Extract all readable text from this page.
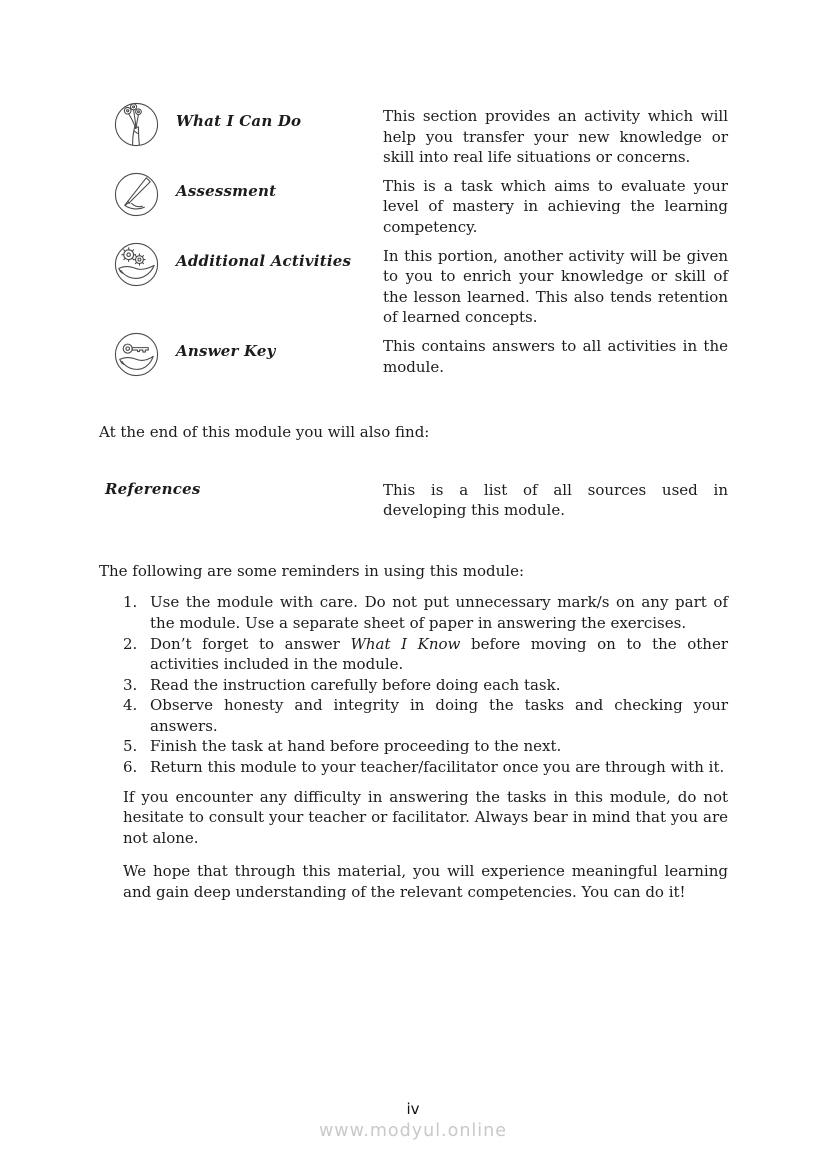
What I Can Do	This section provides an activity which will help you transfer your new knowledge or skill into real life situations or concerns.
Assessment	This is a task which aims to evaluate your level of mastery in achieving the learning competency.
Additional Activities	In this portion, another activity will be given to you to enrich your knowledge or skill of the lesson learned. This also tends retention of learned concepts.
Answer Key	This contains answers to all activities in the module.
At the end of this module you will also find:
References	This is a list of all sources used in developing this module.
The following are some reminders in using this module:
1. Use the module with care. Do not put unnecessary mark/s on any part of the module. Use a separate sheet of paper in answering the exercises.
2. Don’t forget to answer What I Know before moving on to the other activities included in the module.
3. Read the instruction carefully before doing each task.
4. Observe honesty and integrity in doing the tasks and checking your answers.
5. Finish the task at hand before proceeding to the next.
6. Return this module to your teacher/facilitator once you are through with it.
If you encounter any difficulty in answering the tasks in this module, do not hesitate to consult your teacher or facilitator. Always bear in mind that you are not alone.
We hope that through this material, you will experience meaningful learning and gain deep understanding of the relevant competencies. You can do it!
iv
www.modyul.online
